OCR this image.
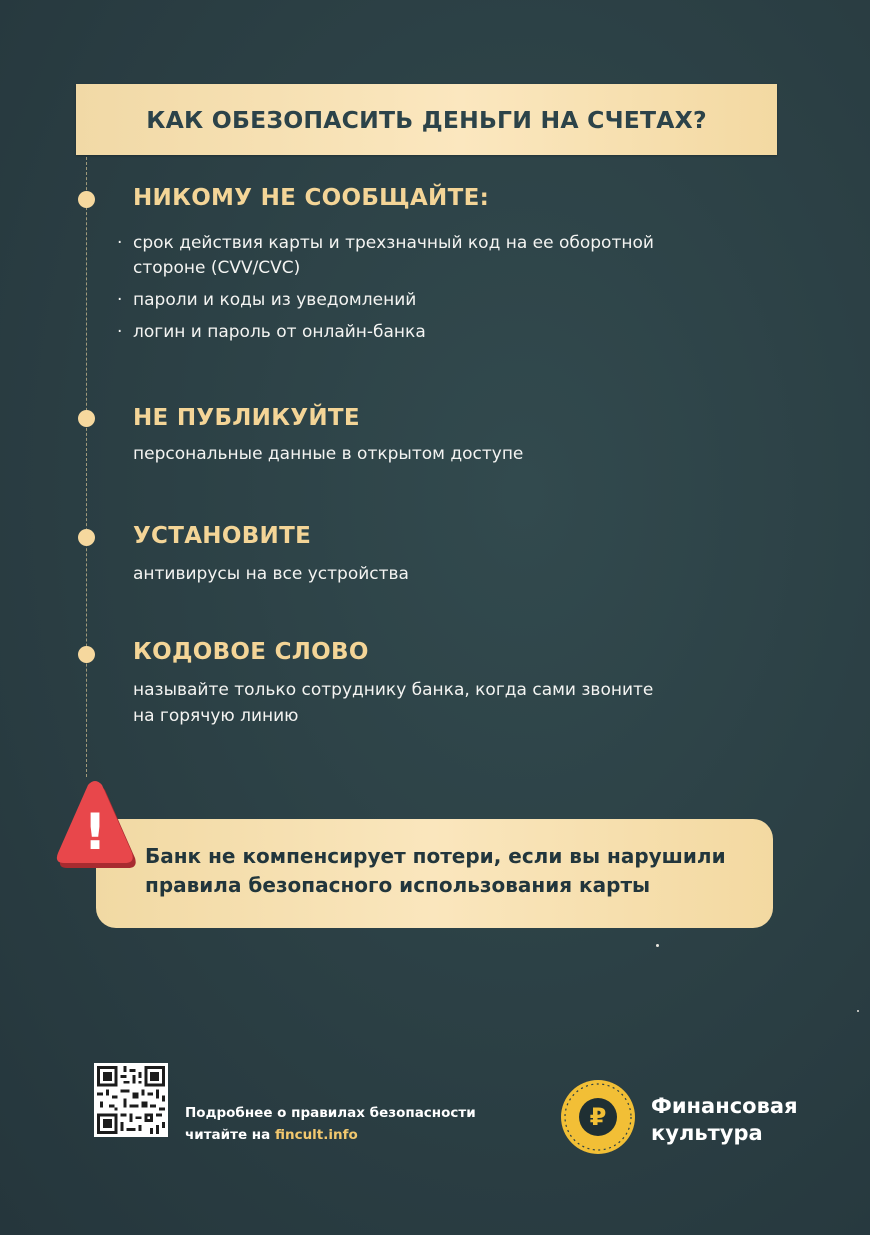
КАК ОБЕЗОПАСИТЬ ДЕНЬГИ НА СЧЕТАХ?
НИКОМУ НЕ СООБЩАЙТЕ:
· срок действия карты и трехзначный код на ее оборотной
стороне (CVV/CVC)
· пароли и коды из уведомлений
· логин и пароль от онлайн-банка
НЕ ПУБЛИКУЙТЕ
персональные данные в открытом доступе
УСТАНОВИТЕ
антивирусы на все устройства
КОДОВОЕ СЛОВО
называйте только сотруднику банка, когда сами звоните
на горячую линию
! Банк не компенсирует потери, если вы нарушили
правила безопасного использования карты
Подробнее о правилах безопасности
читайте на fincult.info
₽ Финансовая
культура
